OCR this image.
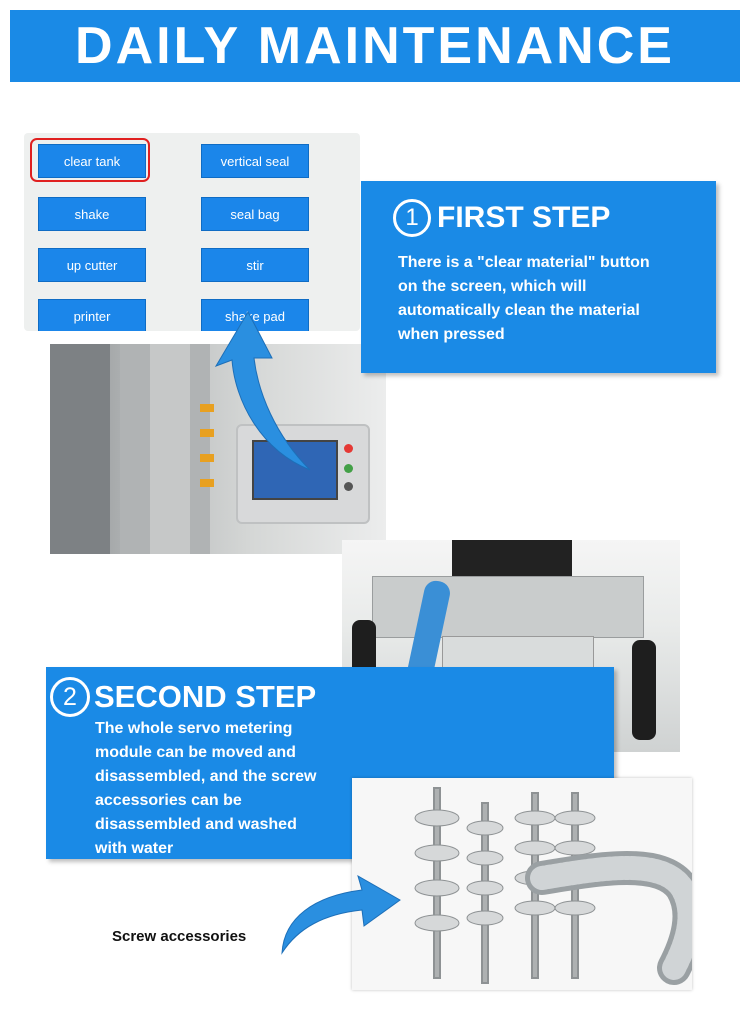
DAILY MAINTENANCE
clear tank	vertical seal
shake	seal bag
up cutter	stir
printer	shake pad
1 FIRST STEP
There is a "clear material" button
on the screen, which will
automatically clean the material
when pressed
2 SECOND STEP
The whole servo metering
module can be moved and
disassembled, and the screw
accessories can be
disassembled and washed
with water
Screw accessories
